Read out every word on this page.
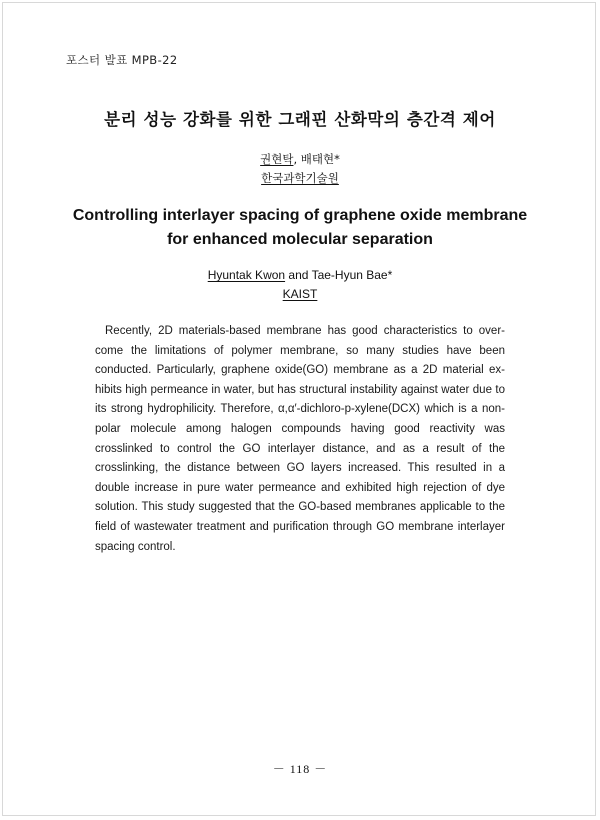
포스터 발표 MPB-22
분리 성능 강화를 위한 그래핀 산화막의 층간격 제어
권현탁, 배태현*
한국과학기술원
Controlling interlayer spacing of graphene oxide membrane
for enhanced molecular separation
Hyuntak Kwon and Tae-Hyun Bae*
KAIST

Recently, 2D materials-based membrane has good characteristics to overcome the limitations of polymer membrane, so many studies have been conducted. Particularly, graphene oxide(GO) membrane as a 2D material exhibits high permeance in water, but has structural instability against water due to its strong hydrophilicity. Therefore, α,α′-dichloro-p-xylene(DCX) which is a non-polar molecule among halogen compounds having good reactivity was crosslinked to control the GO interlayer distance, and as a result of the crosslinking, the distance between GO layers increased. This resulted in a double increase in pure water permeance and exhibited high rejection of dye solution. This study suggested that the GO-based membranes applicable to the field of wastewater treatment and purification through GO membrane interlayer spacing control.

－ 118 －
